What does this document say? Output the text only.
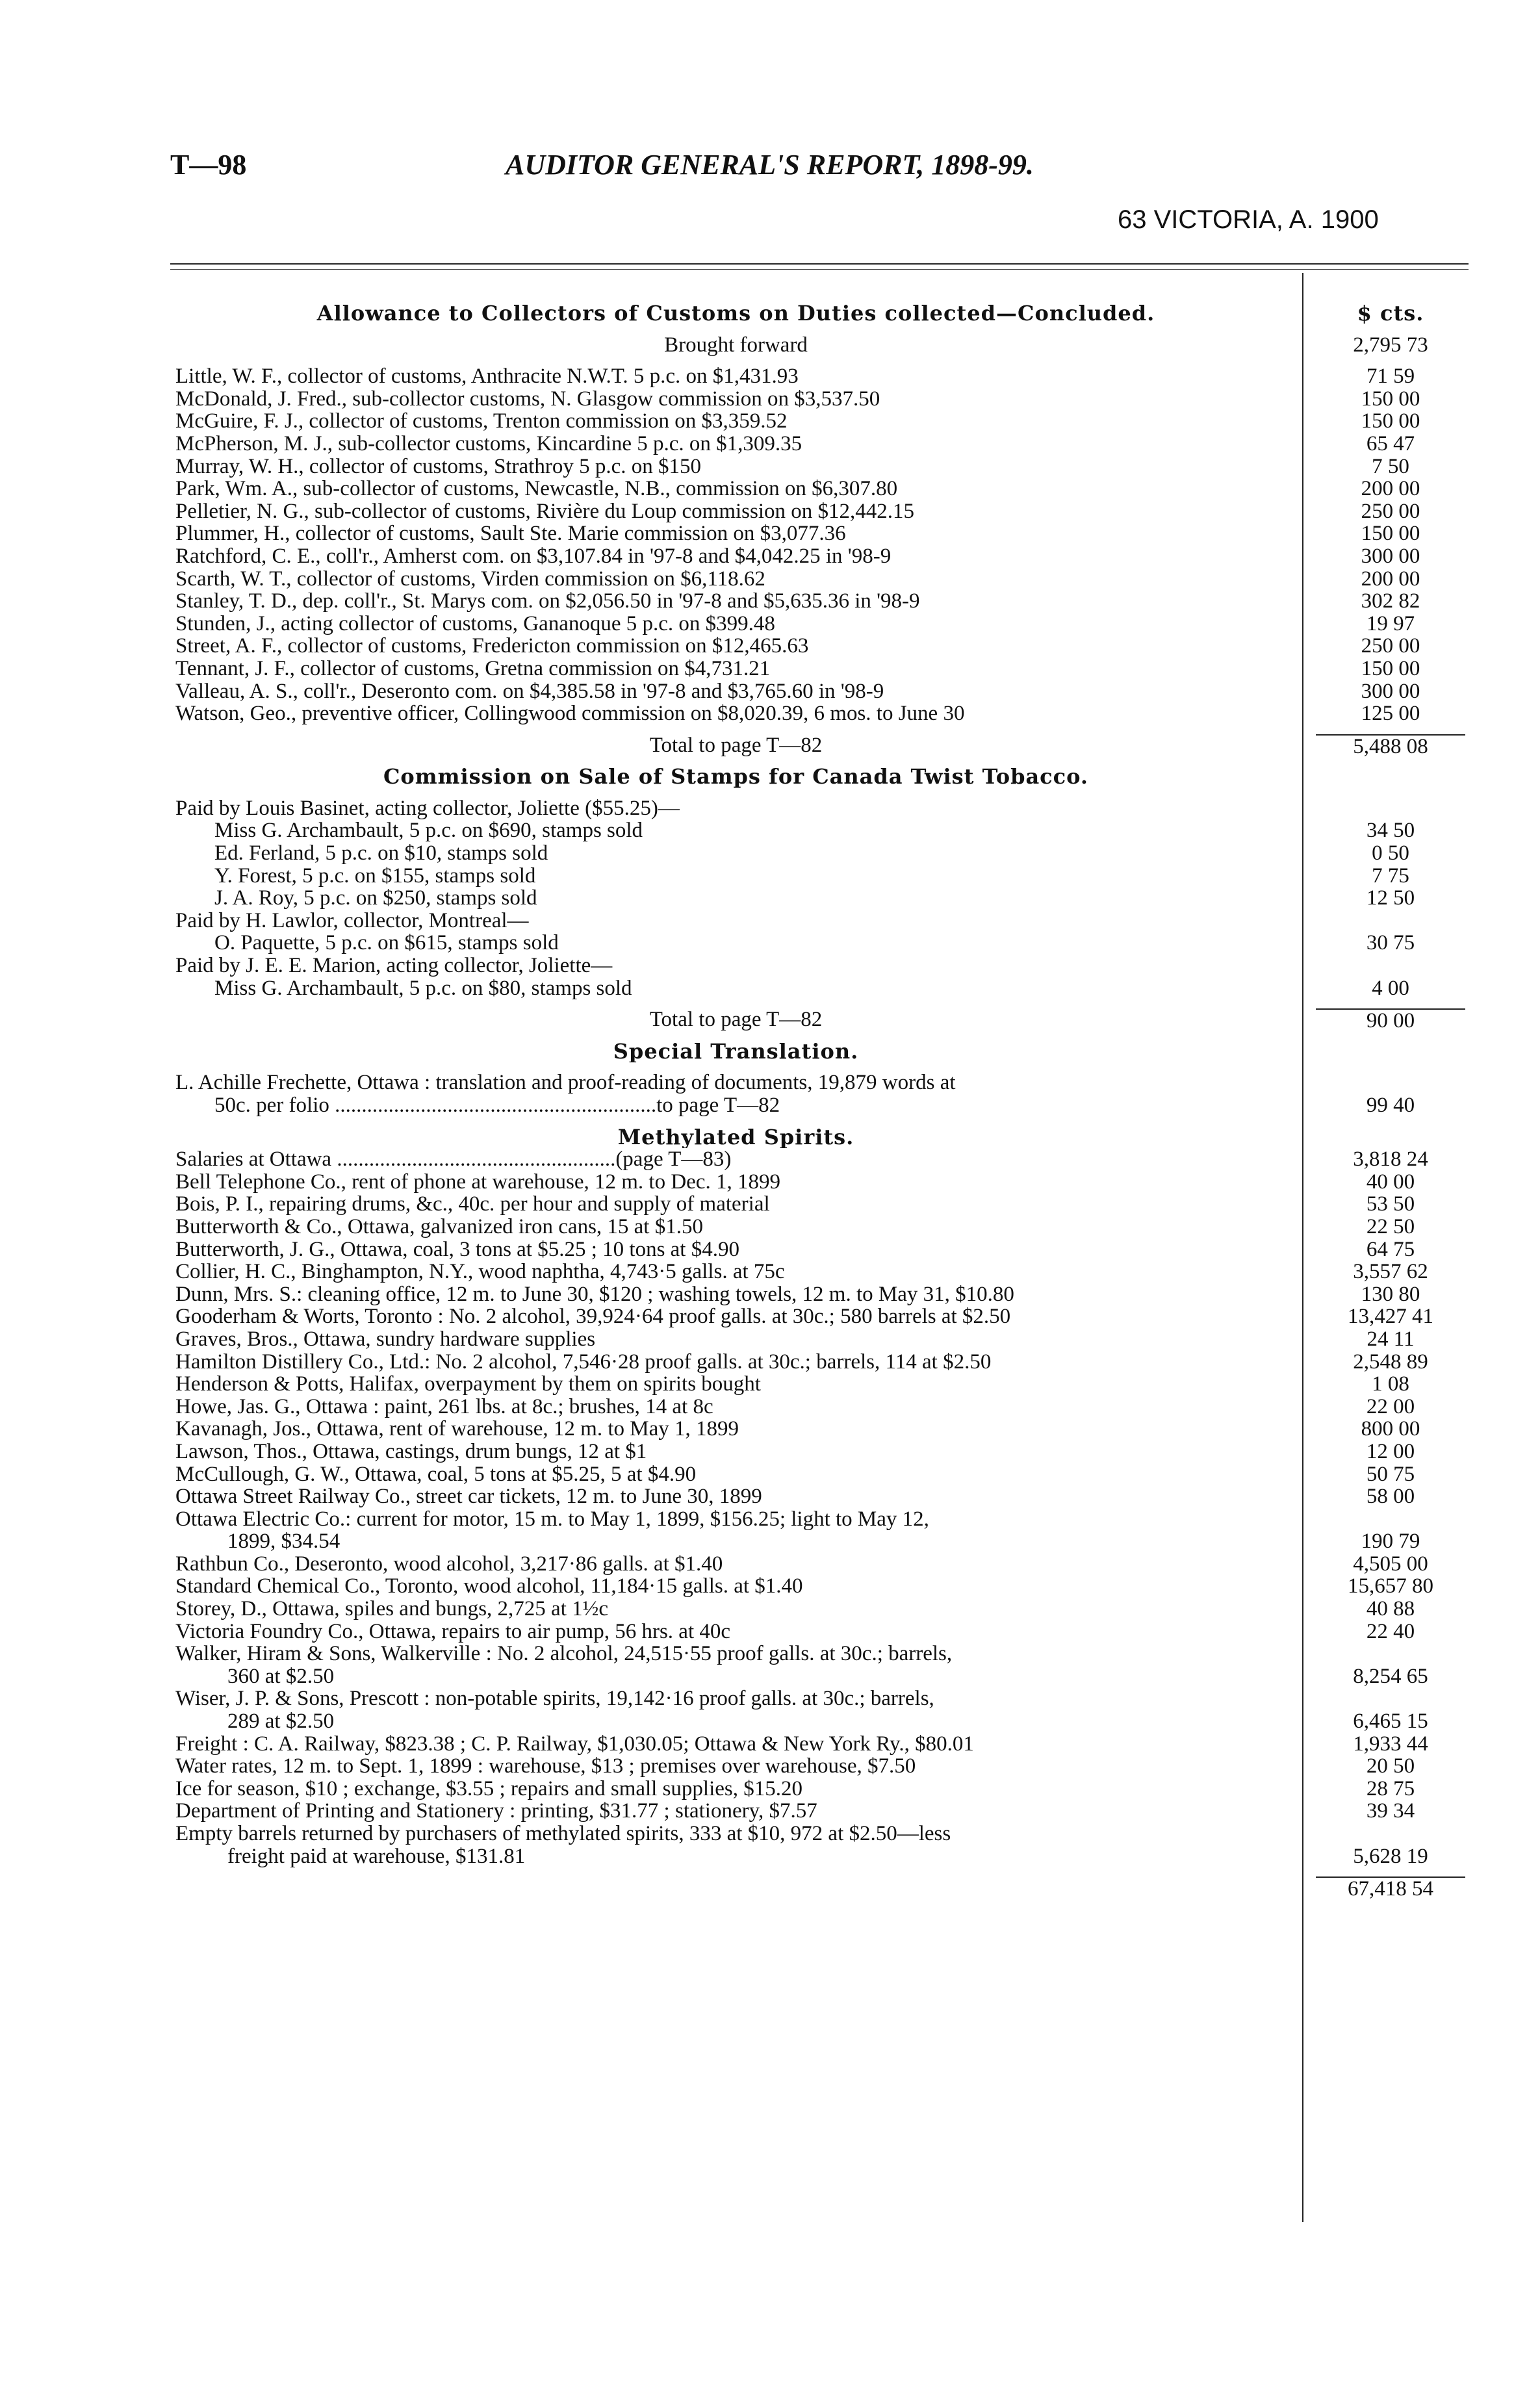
T—98	AUDITOR GENERAL'S REPORT, 1898-99.
63 VICTORIA, A. 1900
Allowance to Collectors of Customs on Duties collected—Concluded.	$ cts.
Brought forward	2,795 73
Little, W. F., collector of customs, Anthracite N.W.T. 5 p.c. on $1,431.93	71 59
McDonald, J. Fred., sub-collector customs, N. Glasgow commission on $3,537.50	150 00
McGuire, F. J., collector of customs, Trenton commission on $3,359.52	150 00
McPherson, M. J., sub-collector customs, Kincardine 5 p.c. on $1,309.35	65 47
Murray, W. H., collector of customs, Strathroy 5 p.c. on $150	7 50
Park, Wm. A., sub-collector of customs, Newcastle, N.B., commission on $6,307.80	200 00
Pelletier, N. G., sub-collector of customs, Rivière du Loup commission on $12,442.15	250 00
Plummer, H., collector of customs, Sault Ste. Marie commission on $3,077.36	150 00
Ratchford, C. E., coll'r., Amherst com. on $3,107.84 in '97-8 and $4,042.25 in '98-9	300 00
Scarth, W. T., collector of customs, Virden commission on $6,118.62	200 00
Stanley, T. D., dep. coll'r., St. Marys com. on $2,056.50 in '97-8 and $5,635.36 in '98-9	302 82
Stunden, J., acting collector of customs, Gananoque 5 p.c. on $399.48	19 97
Street, A. F., collector of customs, Fredericton commission on $12,465.63	250 00
Tennant, J. F., collector of customs, Gretna commission on $4,731.21	150 00
Valleau, A. S., coll'r., Deseronto com. on $4,385.58 in '97-8 and $3,765.60 in '98-9	300 00
Watson, Geo., preventive officer, Collingwood commission on $8,020.39, 6 mos. to June 30	125 00
Total to page T—82	5,488 08
Commission on Sale of Stamps for Canada Twist Tobacco.
Paid by Louis Basinet, acting collector, Joliette ($55.25)—
Miss G. Archambault, 5 p.c. on $690, stamps sold	34 50
Ed. Ferland, 5 p.c. on $10, stamps sold	0 50
Y. Forest, 5 p.c. on $155, stamps sold	7 75
J. A. Roy, 5 p.c. on $250, stamps sold	12 50
Paid by H. Lawlor, collector, Montreal—
O. Paquette, 5 p.c. on $615, stamps sold	30 75
Paid by J. E. E. Marion, acting collector, Joliette—
Miss G. Archambault, 5 p.c. on $80, stamps sold	4 00
Total to page T—82	90 00
Special Translation.
L. Achille Frechette, Ottawa : translation and proof-reading of documents, 19,879 words at
50c. per folio ............................................................to page T—82	99 40
Methylated Spirits.
Salaries at Ottawa ....................................................(page T—83)	3,818 24
Bell Telephone Co., rent of phone at warehouse, 12 m. to Dec. 1, 1899	40 00
Bois, P. I., repairing drums, &c., 40c. per hour and supply of material	53 50
Butterworth & Co., Ottawa, galvanized iron cans, 15 at $1.50	22 50
Butterworth, J. G., Ottawa, coal, 3 tons at $5.25 ; 10 tons at $4.90	64 75
Collier, H. C., Binghampton, N.Y., wood naphtha, 4,743·5 galls. at 75c	3,557 62
Dunn, Mrs. S.: cleaning office, 12 m. to June 30, $120 ; washing towels, 12 m. to May 31, $10.80	130 80
Gooderham & Worts, Toronto : No. 2 alcohol, 39,924·64 proof galls. at 30c.; 580 barrels at $2.50	13,427 41
Graves, Bros., Ottawa, sundry hardware supplies	24 11
Hamilton Distillery Co., Ltd.: No. 2 alcohol, 7,546·28 proof galls. at 30c.; barrels, 114 at $2.50	2,548 89
Henderson & Potts, Halifax, overpayment by them on spirits bought	1 08
Howe, Jas. G., Ottawa : paint, 261 lbs. at 8c.; brushes, 14 at 8c	22 00
Kavanagh, Jos., Ottawa, rent of warehouse, 12 m. to May 1, 1899	800 00
Lawson, Thos., Ottawa, castings, drum bungs, 12 at $1	12 00
McCullough, G. W., Ottawa, coal, 5 tons at $5.25, 5 at $4.90	50 75
Ottawa Street Railway Co., street car tickets, 12 m. to June 30, 1899	58 00
Ottawa Electric Co.: current for motor, 15 m. to May 1, 1899, $156.25; light to May 12,
1899, $34.54	190 79
Rathbun Co., Deseronto, wood alcohol, 3,217·86 galls. at $1.40	4,505 00
Standard Chemical Co., Toronto, wood alcohol, 11,184·15 galls. at $1.40	15,657 80
Storey, D., Ottawa, spiles and bungs, 2,725 at 1½c	40 88
Victoria Foundry Co., Ottawa, repairs to air pump, 56 hrs. at 40c	22 40
Walker, Hiram & Sons, Walkerville : No. 2 alcohol, 24,515·55 proof galls. at 30c.; barrels,
360 at $2.50	8,254 65
Wiser, J. P. & Sons, Prescott : non-potable spirits, 19,142·16 proof galls. at 30c.; barrels,
289 at $2.50	6,465 15
Freight : C. A. Railway, $823.38 ; C. P. Railway, $1,030.05; Ottawa & New York Ry., $80.01	1,933 44
Water rates, 12 m. to Sept. 1, 1899 : warehouse, $13 ; premises over warehouse, $7.50	20 50
Ice for season, $10 ; exchange, $3.55 ; repairs and small supplies, $15.20	28 75
Department of Printing and Stationery : printing, $31.77 ; stationery, $7.57	39 34
Empty barrels returned by purchasers of methylated spirits, 333 at $10, 972 at $2.50—less
freight paid at warehouse, $131.81	5,628 19
67,418 54
